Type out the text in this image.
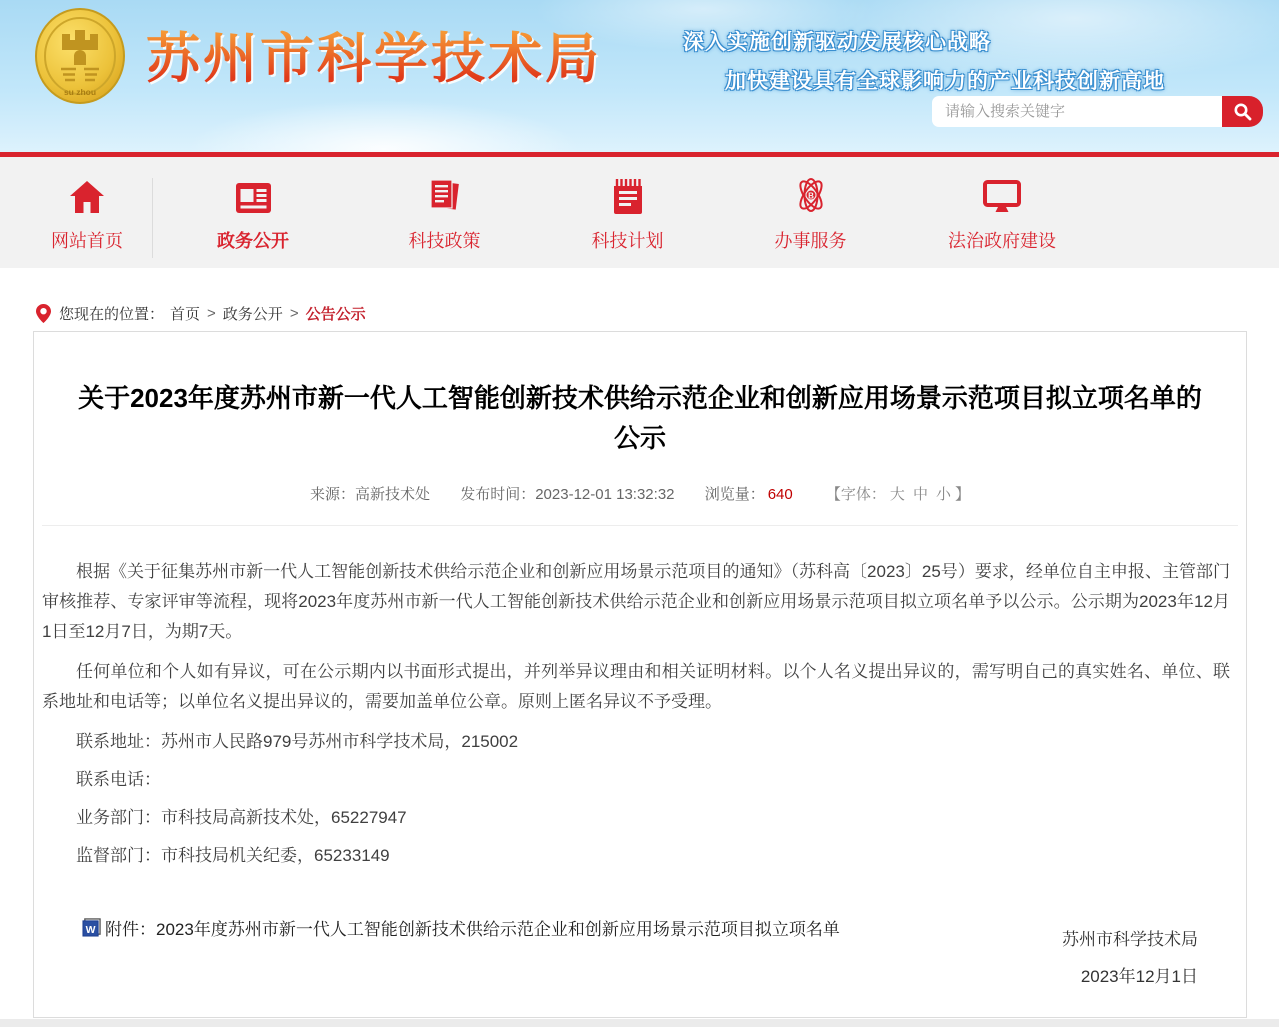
su zhou
苏州市科学技术局	深入实施创新驱动发展核心战略
加快建设具有全球影响力的产业科技创新高地
请输入搜索关键字
网站首页	政务公开	科技政策	科技计划
B
办事服务	法治政府建设
您现在的位置： 首页 > 政务公开 > 公告公示
关于2023年度苏州市新一代人工智能创新技术供给示范企业和创新应用场景示范项目拟立项名单的公示
来源：高新技术处 发布时间：2023-12-01 13:32:32 浏览量： 640 【字体： 大 中 小 】

根据《关于征集苏州市新一代人工智能创新技术供给示范企业和创新应用场景示范项目的通知》（苏科高〔2023〕25号）要求，经单位自主申报、主管部门审核推荐、专家评审等流程，现将2023年度苏州市新一代人工智能创新技术供给示范企业和创新应用场景示范项目拟立项名单予以公示。公示期为2023年12月1日至12月7日，为期7天。

任何单位和个人如有异议，可在公示期内以书面形式提出，并列举异议理由和相关证明材料。以个人名义提出异议的，需写明自己的真实姓名、单位、联系地址和电话等；以单位名义提出异议的，需要加盖单位公章。原则上匿名异议不予受理。

联系地址：苏州市人民路979号苏州市科学技术局，215002

联系电话：

业务部门：市科技局高新技术处，65227947

监督部门：市科技局机关纪委，65233149

W 附件： 2023年度苏州市新一代人工智能创新技术供给示范企业和创新应用场景示范项目拟立项名单
苏州市科学技术局
2023年12月1日
